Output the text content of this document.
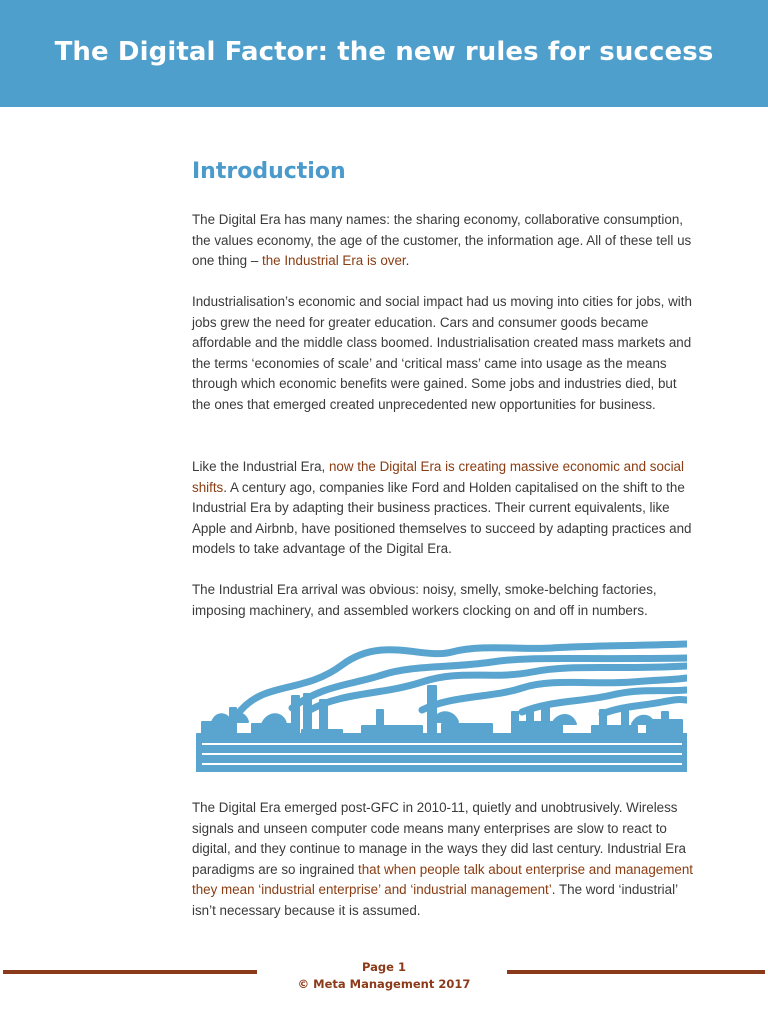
The Digital Factor: the new rules for success
Introduction

The Digital Era has many names: the sharing economy, collaborative consumption, the values economy, the age of the customer, the information age. All of these tell us one thing – the Industrial Era is over.

Industrialisation’s economic and social impact had us moving into cities for jobs, with jobs grew the need for greater education. Cars and consumer goods became affordable and the middle class boomed. Industrialisation created mass markets and the terms ‘economies of scale’ and ‘critical mass’ came into usage as the means through which economic benefits were gained. Some jobs and industries died, but the ones that emerged created unprecedented new opportunities for business.

Like the Industrial Era, now the Digital Era is creating massive economic and social shifts. A century ago, companies like Ford and Holden capitalised on the shift to the Industrial Era by adapting their business practices. Their current equivalents, like Apple and Airbnb, have positioned themselves to succeed by adapting practices and models to take advantage of the Digital Era.

The Industrial Era arrival was obvious: noisy, smelly, smoke-belching factories, imposing machinery, and assembled workers clocking on and off in numbers.

The Digital Era emerged post-GFC in 2010-11, quietly and unobtrusively. Wireless signals and unseen computer code means many enterprises are slow to react to digital, and they continue to manage in the ways they did last century. Industrial Era paradigms are so ingrained that when people talk about enterprise and management they mean ‘industrial enterprise’ and ‘industrial management’. The word ‘industrial’ isn’t necessary because it is assumed.

Page 1
© Meta Management 2017
